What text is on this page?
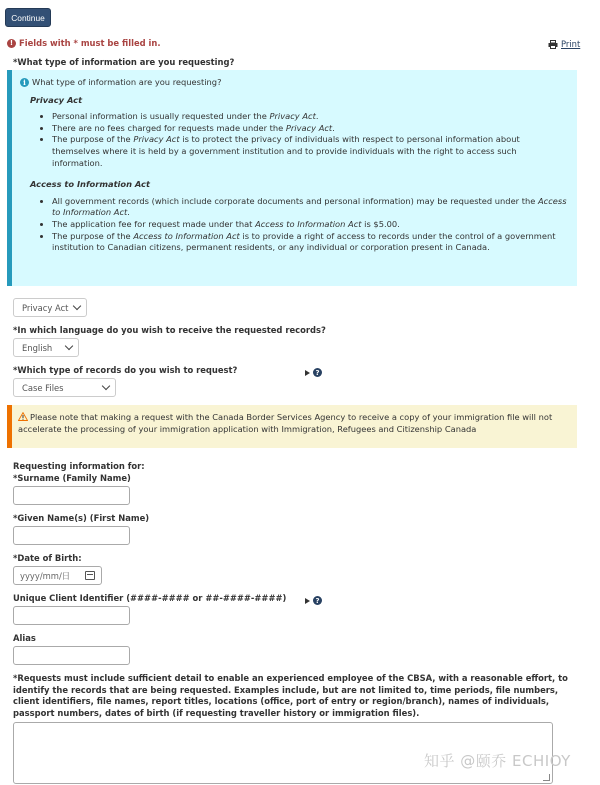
Continue
! Fields with * must be filled in.	Print
*What type of information are you requesting?
i What type of information are you requesting?
Privacy Act
• Personal information is usually requested under the Privacy Act.
• There are no fees charged for requests made under the Privacy Act.
• The purpose of the Privacy Act is to protect the privacy of individuals with respect to personal information about themselves where it is held by a government institution and to provide individuals with the right to access such information.
Access to Information Act
• All government records (which include corporate documents and personal information) may be requested under the Access to Information Act.
• The application fee for request made under that Access to Information Act is $5.00.
• The purpose of the Access to Information Act is to provide a right of access to records under the control of a government institution to Canadian citizens, permanent residents, or any individual or corporation present in Canada.
Privacy Act
*In which language do you wish to receive the requested records?
English
*Which type of records do you wish to request?	?
Case Files
Please note that making a request with the Canada Border Services Agency to receive a copy of your immigration file will not accelerate the processing of your immigration application with Immigration, Refugees and Citizenship Canada
Requesting information for:
*Surname (Family Name)
*Given Name(s) (First Name)
*Date of Birth:
yyyy/mm/日
Unique Client Identifier (####-#### or ##-####-####)	?
Alias
*Requests must include sufficient detail to enable an experienced employee of the CBSA, with a reasonable effort, to identify the records that are being requested. Examples include, but are not limited to, time periods, file numbers, client identifiers, file names, report titles, locations (office, port of entry or region/branch), names of individuals, passport numbers, dates of birth (if requesting traveller history or immigration files).
知乎 @颐乔 ECHIOY
